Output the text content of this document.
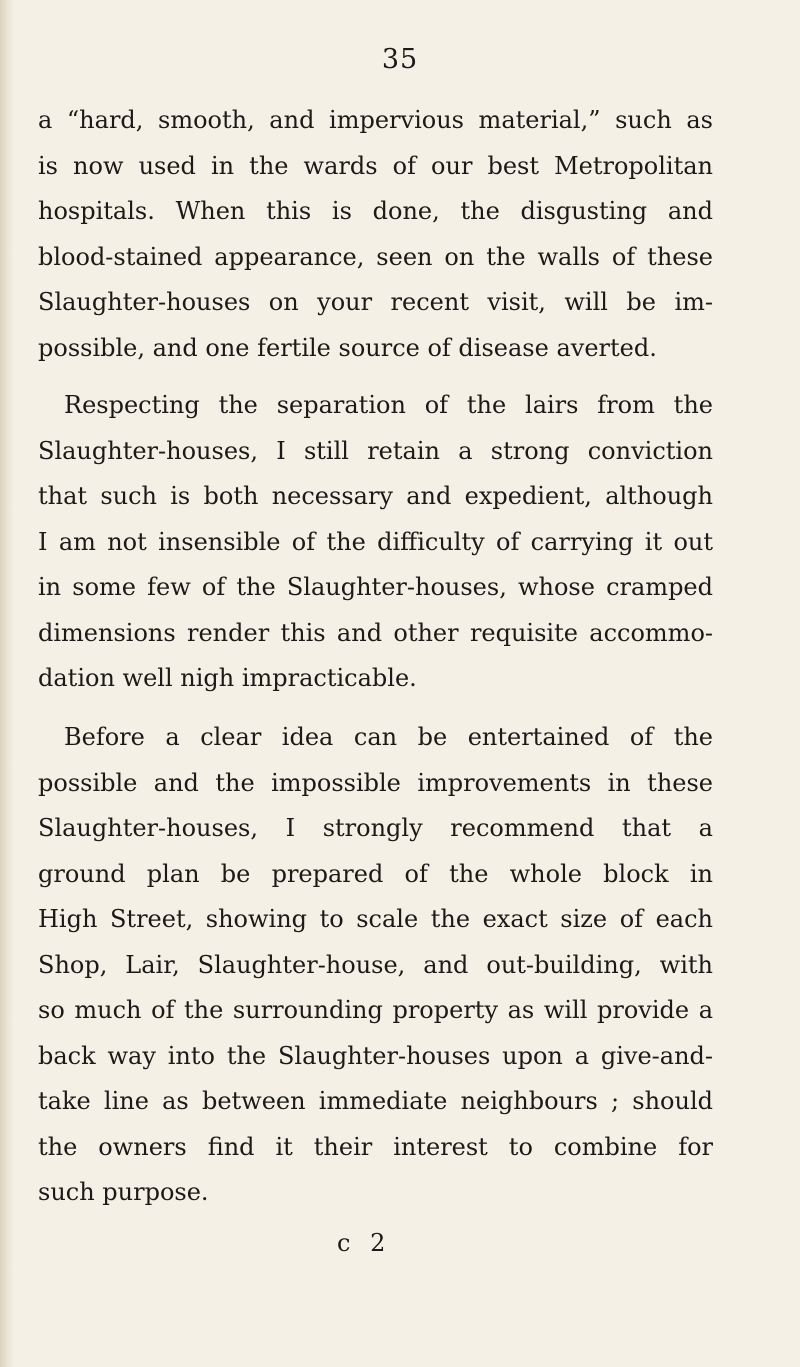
35
a “hard, smooth, and impervious material,” such as
is now used in the wards of our best Metropolitan
hospitals. When this is done, the disgusting and
blood-stained appearance, seen on the walls of these
Slaughter-houses on your recent visit, will be im-
possible, and one fertile source of disease averted.
Respecting the separation of the lairs from the
Slaughter-houses, I still retain a strong conviction
that such is both necessary and expedient, although
I am not insensible of the difficulty of carrying it out
in some few of the Slaughter-houses, whose cramped
dimensions render this and other requisite accommo-
dation well nigh impracticable.
Before a clear idea can be entertained of the
possible and the impossible improvements in these
Slaughter-houses, I strongly recommend that a
ground plan be prepared of the whole block in
High Street, showing to scale the exact size of each
Shop, Lair, Slaughter-house, and out-building, with
so much of the surrounding property as will provide a
back way into the Slaughter-houses upon a give-and-
take line as between immediate neighbours ; should
the owners find it their interest to combine for
such purpose.
c 2
